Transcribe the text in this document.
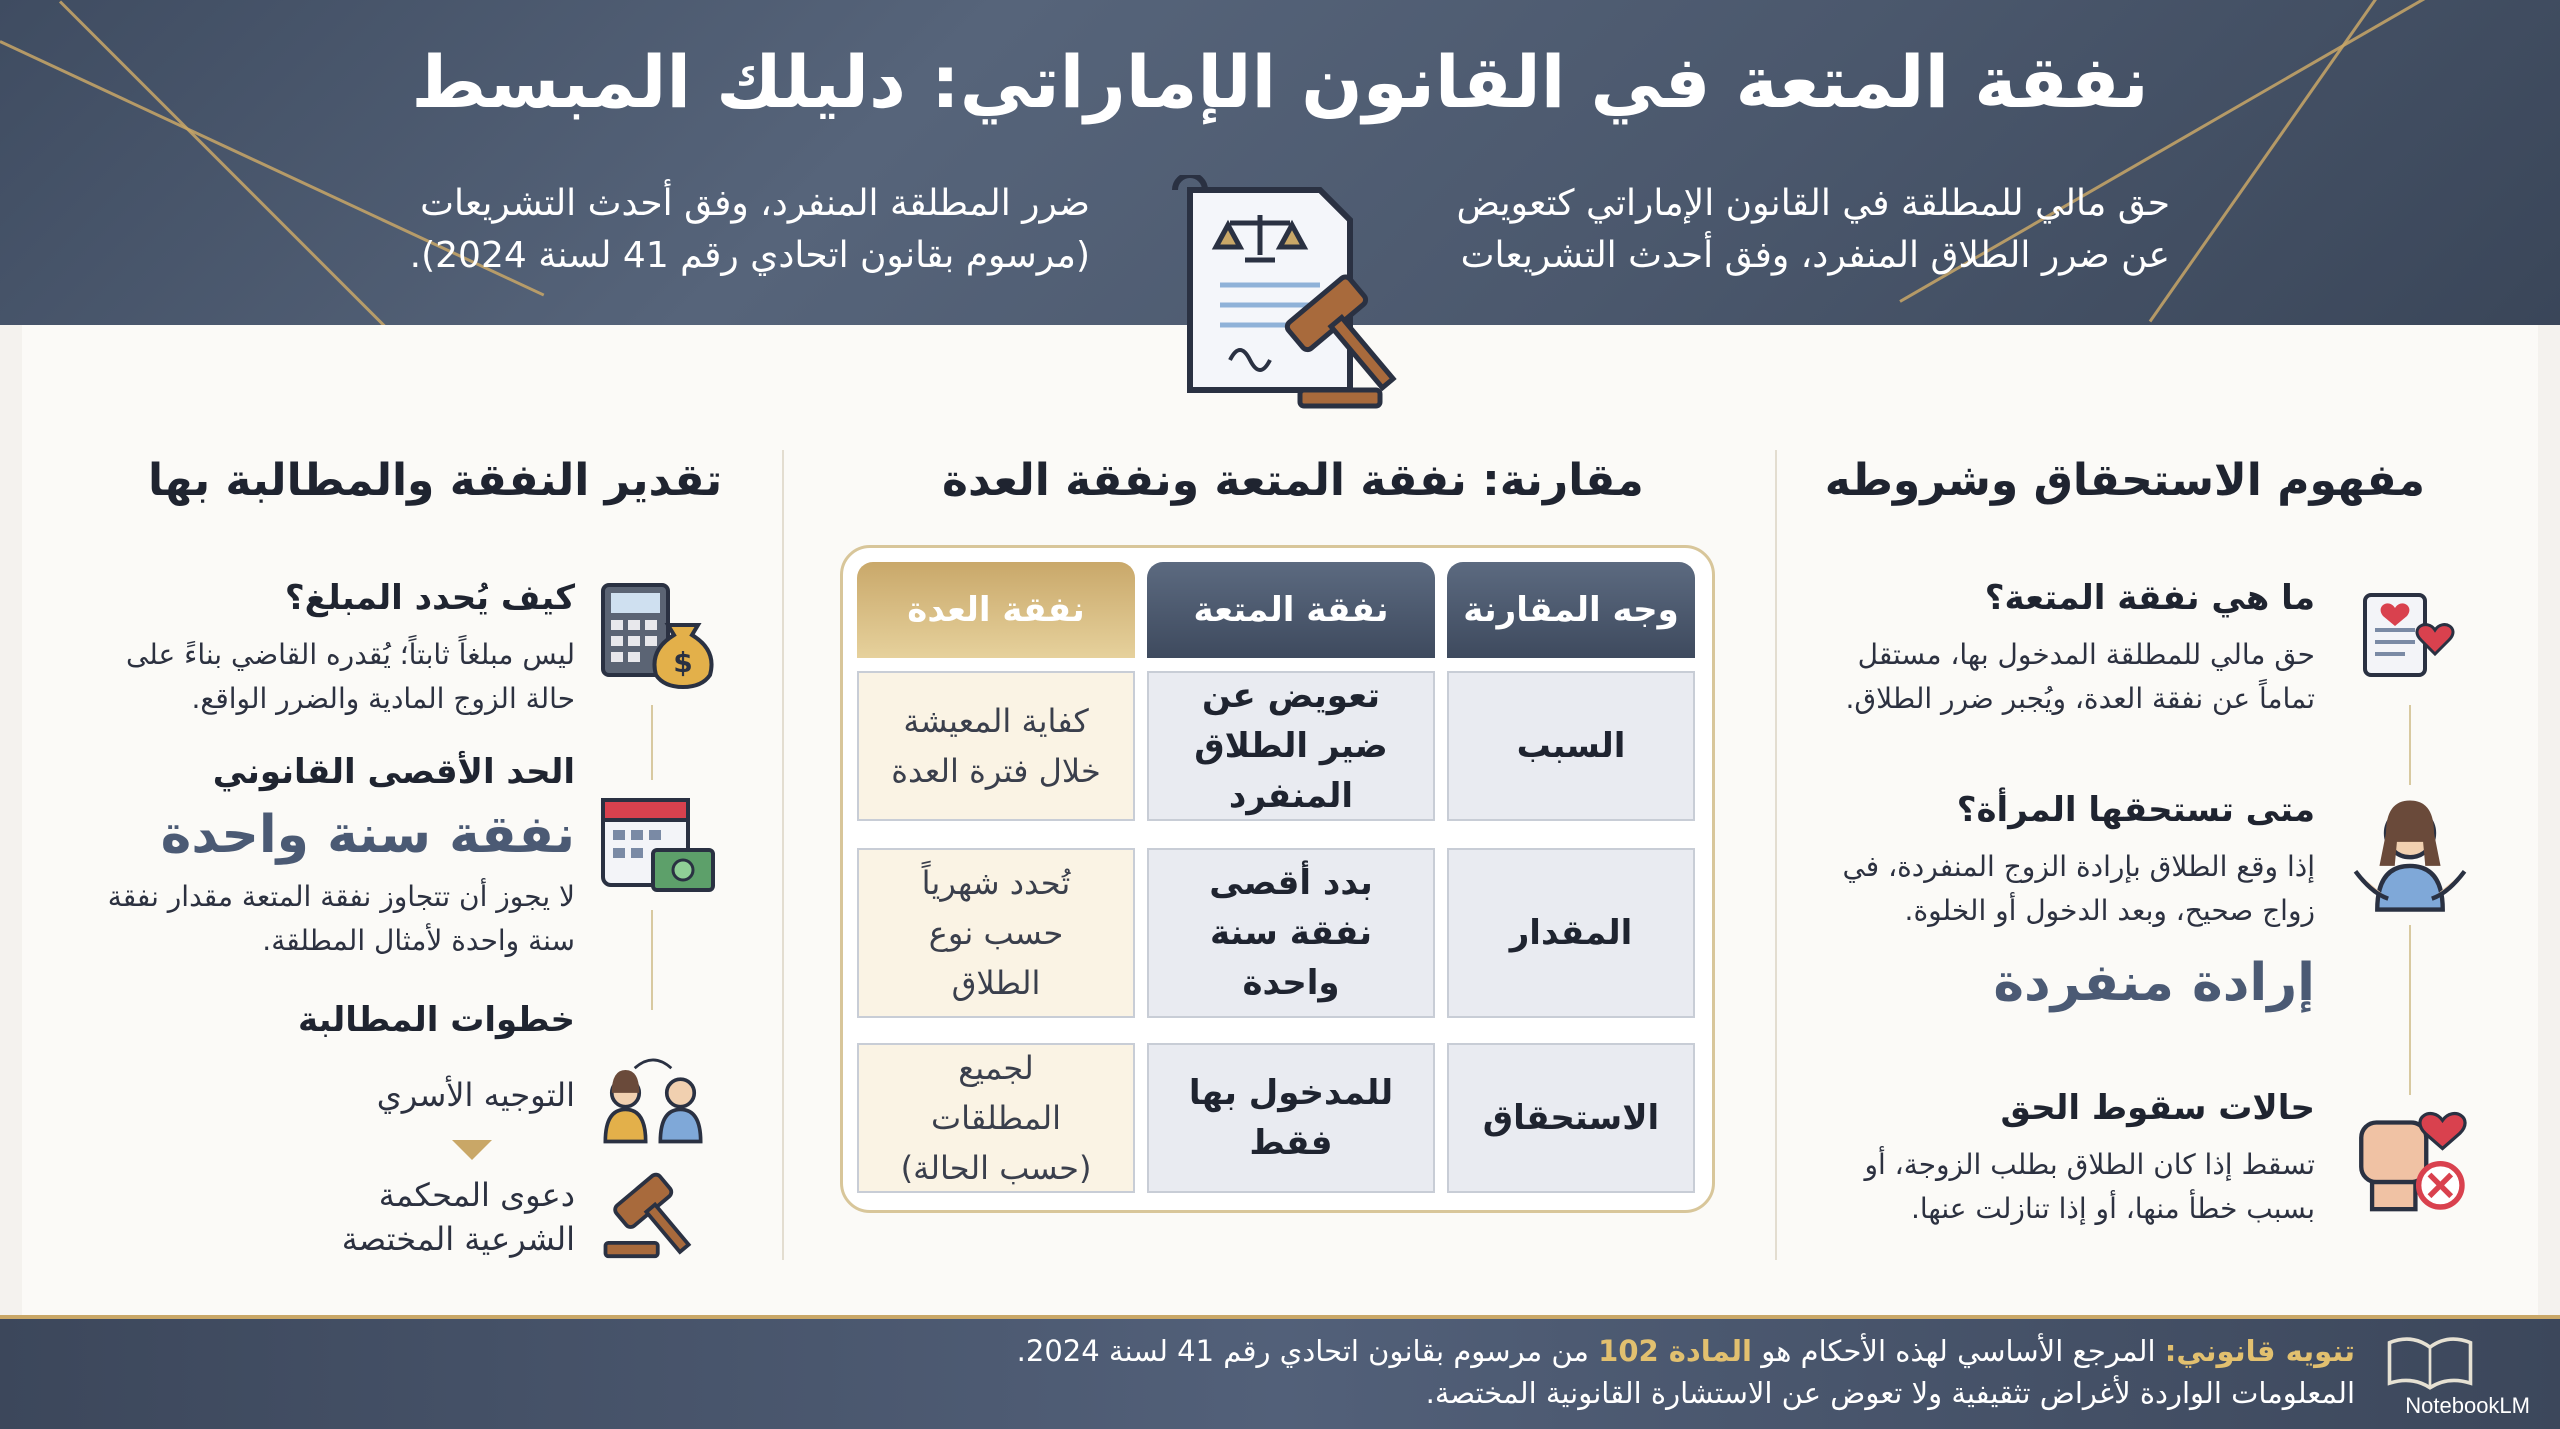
نفقة المتعة في القانون الإماراتي: دليلك المبسط
حق مالي للمطلقة في القانون الإماراتي كتعويض عن ضرر الطلاق المنفرد، وفق أحدث التشريعات
ضرر المطلقة المنفرد، وفق أحدث التشريعات (مرسوم بقانون اتحادي رقم 41 لسنة 2024).
مفهوم الاستحقاق وشروطه
ما هي نفقة المتعة؟
حق مالي للمطلقة المدخول بها، مستقل تماماً عن نفقة العدة، ويُجبر ضرر الطلاق.
متى تستحقها المرأة؟
إذا وقع الطلاق بإرادة الزوج المنفردة، في زواج صحيح، وبعد الدخول أو الخلوة.
إرادة منفردة
حالات سقوط الحق
تسقط إذا كان الطلاق بطلب الزوجة، أو بسبب خطأ منها، أو إذا تنازلت عنها.
مقارنة: نفقة المتعة ونفقة العدة
وجه المقارنة
نفقة المتعة
نفقة العدة
السبب
تعويض عن ضير الطلاق المنفرد
كفاية المعيشة خلال فترة العدة
المقدار
بدد أقصى نفقة سنة واحدة
تُحدد شهرياً حسب نوع الطلاق
الاستحقاق
للمدخول بها فقط
لجميع المطلقات (حسب الحالة)
تقدير النفقة والمطالبة بها
$
كيف يُحدد المبلغ؟
ليس مبلغاً ثابتاً؛ يُقدره القاضي بناءً على حالة الزوج المادية والضرر الواقع.
الحد الأقصى القانوني
نفقة سنة واحدة
لا يجوز أن تتجاوز نفقة المتعة مقدار نفقة سنة واحدة لأمثال المطلقة.
خطوات المطالبة
التوجيه الأسري
دعوى المحكمة الشرعية المختصة
تنويه قانوني: المرجع الأساسي لهذه الأحكام هو المادة 102 من مرسوم بقانون اتحادي رقم 41 لسنة 2024.
المعلومات الواردة لأغراض تثقيفية ولا تعوض عن الاستشارة القانونية المختصة. NotebookLM
